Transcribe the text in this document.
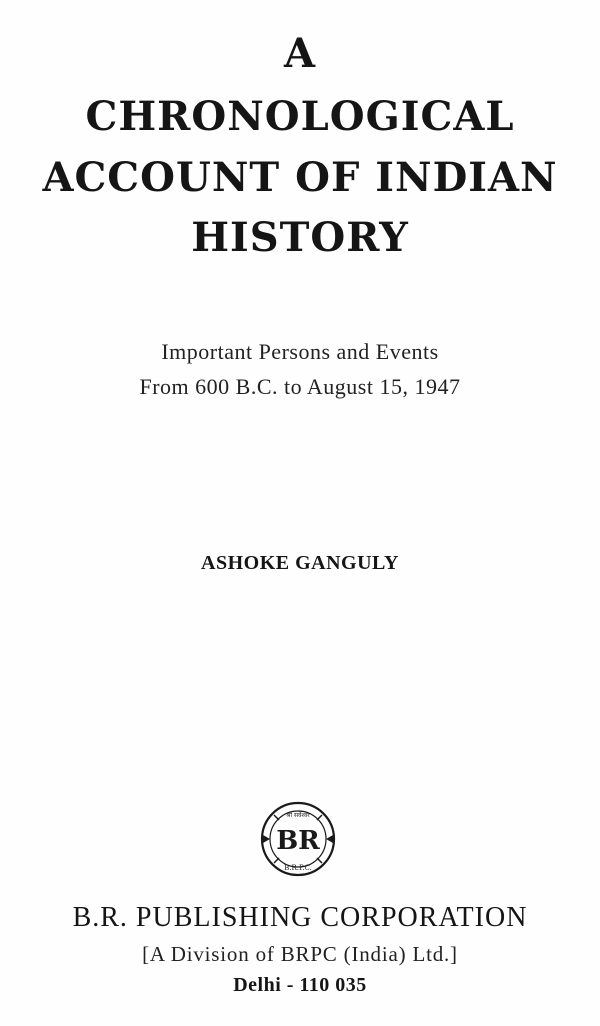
A
CHRONOLOGICAL
ACCOUNT OF INDIAN
HISTORY
Important Persons and Events
From 600 B.C. to August 15, 1947
ASHOKE GANGULY
श्री सर्वेश्वर
BR
B.R.P.C.
B.R. PUBLISHING CORPORATION
[A Division of BRPC (India) Ltd.]
Delhi - 110 035
